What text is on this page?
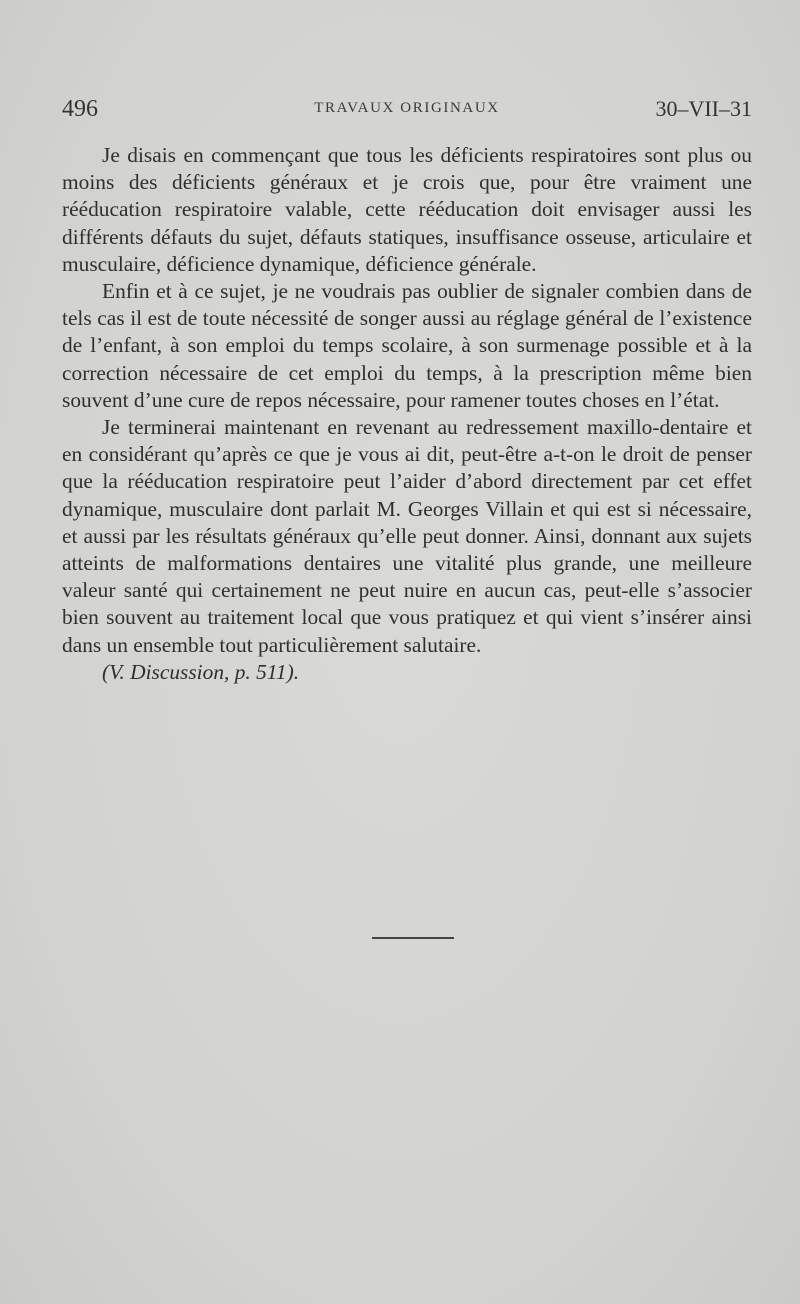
496	TRAVAUX ORIGINAUX	30–VII–31

Je disais en commençant que tous les déficients respiratoires sont plus ou moins des déficients généraux et je crois que, pour être vraiment une rééducation respiratoire valable, cette rééducation doit envisager aussi les différents défauts du sujet, défauts statiques, insuffisance osseuse, articulaire et musculaire, déficience dynamique, déficience générale.

Enfin et à ce sujet, je ne voudrais pas oublier de signaler combien dans de tels cas il est de toute nécessité de songer aussi au réglage général de l’existence de l’enfant, à son emploi du temps scolaire, à son surmenage possible et à la correction nécessaire de cet emploi du temps, à la prescription même bien souvent d’une cure de repos nécessaire, pour ramener toutes choses en l’état.

Je terminerai maintenant en revenant au redressement maxillo-dentaire et en considérant qu’après ce que je vous ai dit, peut-être a-t-on le droit de penser que la rééducation respiratoire peut l’aider d’abord directement par cet effet dynamique, musculaire dont parlait M. Georges Villain et qui est si nécessaire, et aussi par les résultats généraux qu’elle peut donner. Ainsi, donnant aux sujets atteints de malformations dentaires une vitalité plus grande, une meilleure valeur santé qui certainement ne peut nuire en aucun cas, peut-elle s’associer bien souvent au traitement local que vous pratiquez et qui vient s’insérer ainsi dans un ensemble tout particulièrement salutaire.

(V. Discussion, p. 511).
